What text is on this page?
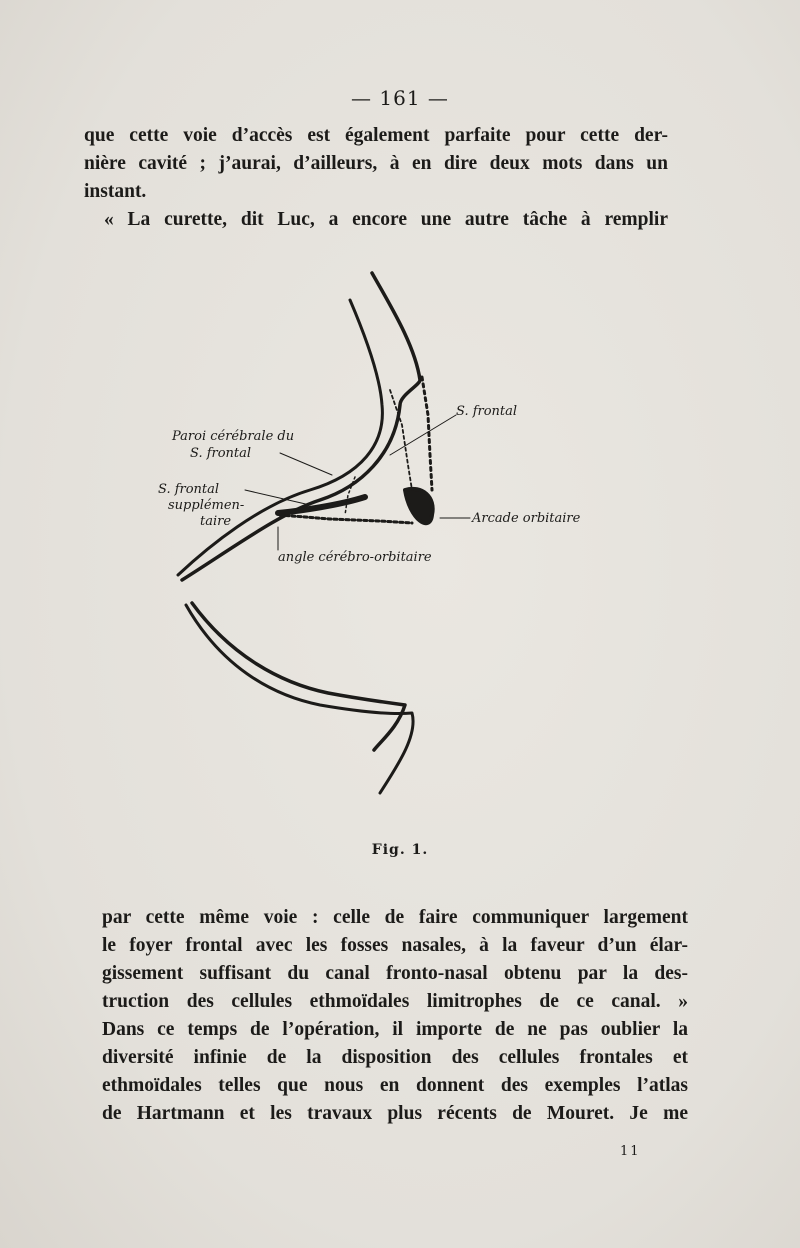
— 161 —
que cette voie d’accès est également parfaite pour cette der-
nière cavité ; j’aurai, d’ailleurs, à en dire deux mots dans un
instant.
« La curette, dit Luc, a encore une autre tâche à remplir
Paroi cérébrale du
S. frontal
S. frontal
S. frontal
supplémen-
taire	Arcade orbitaire
angle cérébro-orbitaire
Fig. 1.
par cette même voie : celle de faire communiquer largement
le foyer frontal avec les fosses nasales, à la faveur d’un élar-
gissement suffisant du canal fronto-nasal obtenu par la des-
truction des cellules ethmoïdales limitrophes de ce canal. »
Dans ce temps de l’opération, il importe de ne pas oublier la
diversité infinie de la disposition des cellules frontales et
ethmoïdales telles que nous en donnent des exemples l’atlas
de Hartmann et les travaux plus récents de Mouret. Je me
11
